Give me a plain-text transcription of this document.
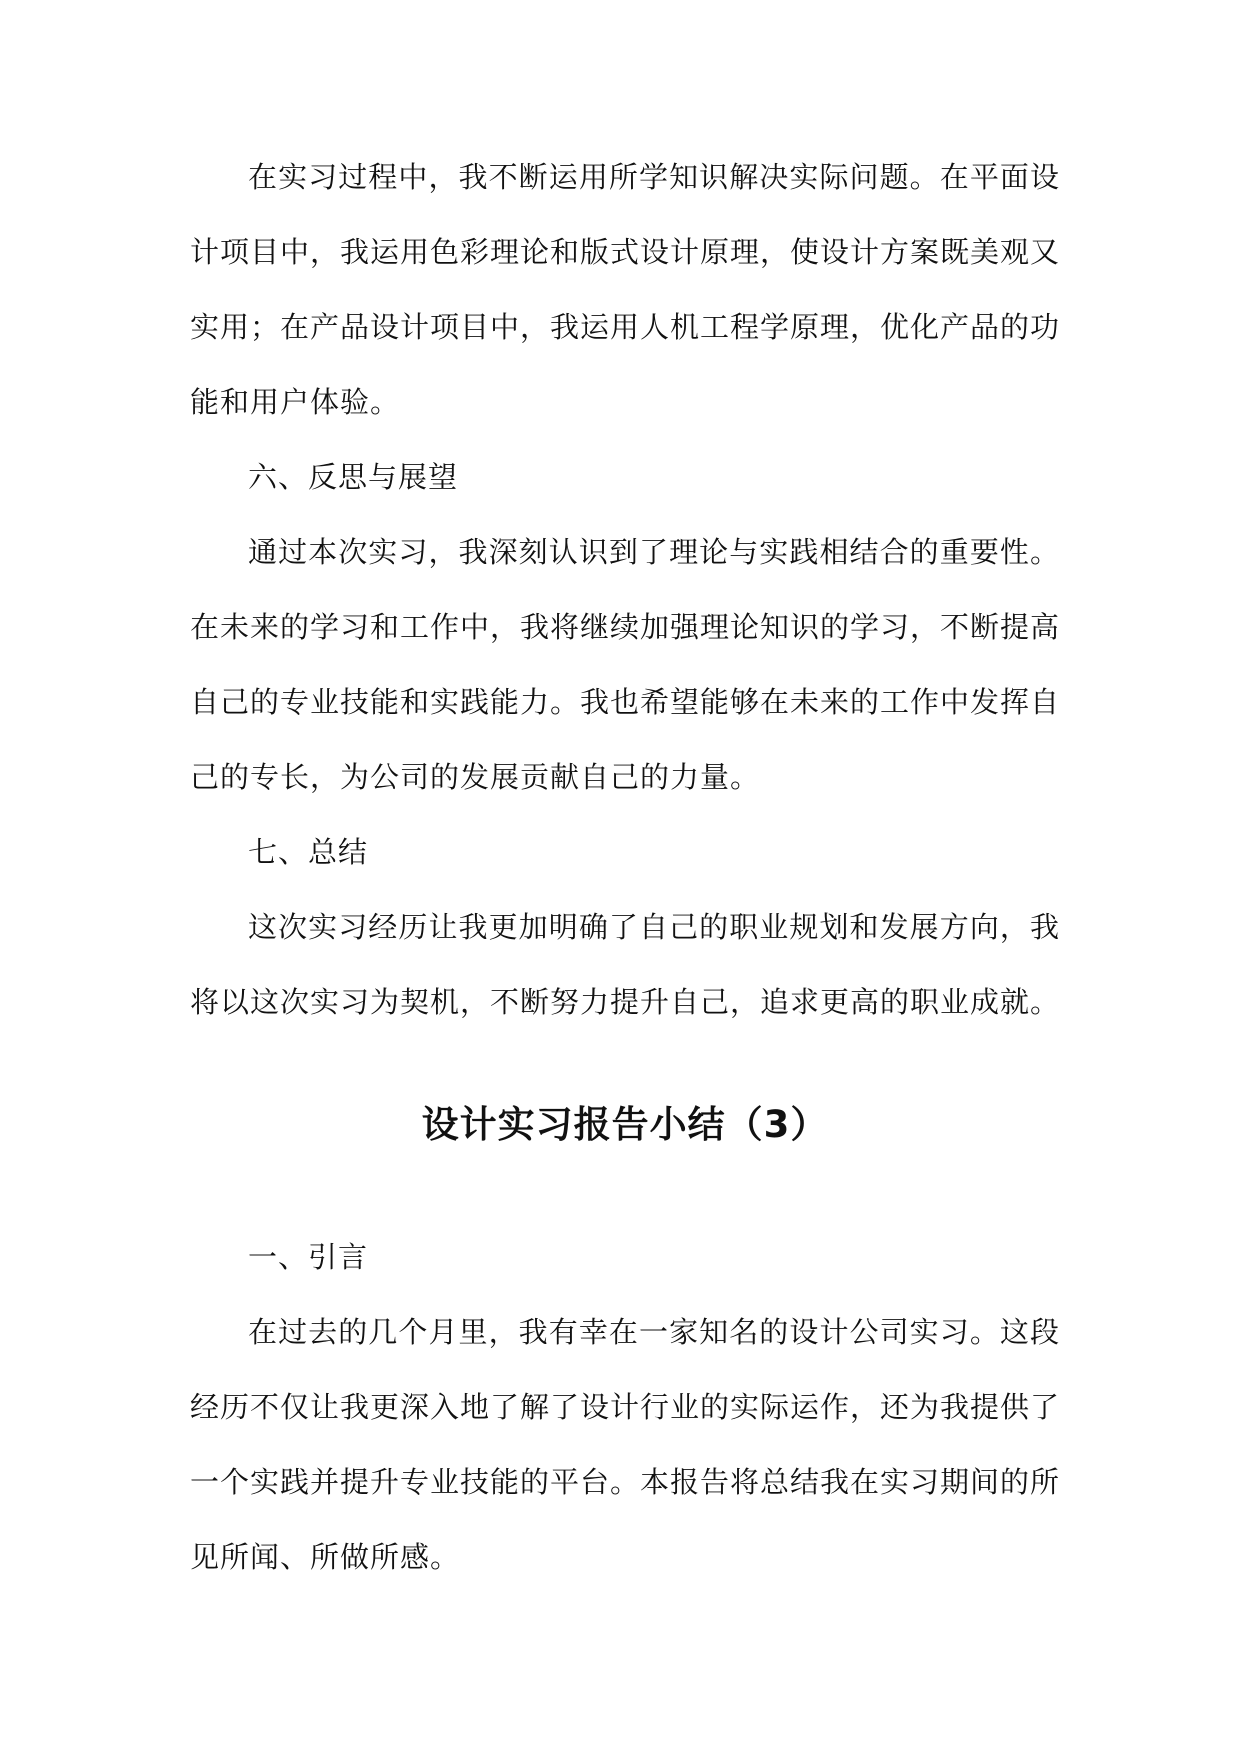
在实习过程中，我不断运用所学知识解决实际问题。在平面设计项目中，我运用色彩理论和版式设计原理，使设计方案既美观又实用；在产品设计项目中，我运用人机工程学原理，优化产品的功能和用户体验。

六、反思与展望

通过本次实习，我深刻认识到了理论与实践相结合的重要性。在未来的学习和工作中，我将继续加强理论知识的学习，不断提高自己的专业技能和实践能力。我也希望能够在未来的工作中发挥自己的专长，为公司的发展贡献自己的力量。

七、总结

这次实习经历让我更加明确了自己的职业规划和发展方向，我将以这次实习为契机，不断努力提升自己，追求更高的职业成就。

设计实习报告小结（3）

一、引言

在过去的几个月里，我有幸在一家知名的设计公司实习。这段经历不仅让我更深入地了解了设计行业的实际运作，还为我提供了一个实践并提升专业技能的平台。本报告将总结我在实习期间的所见所闻、所做所感。
